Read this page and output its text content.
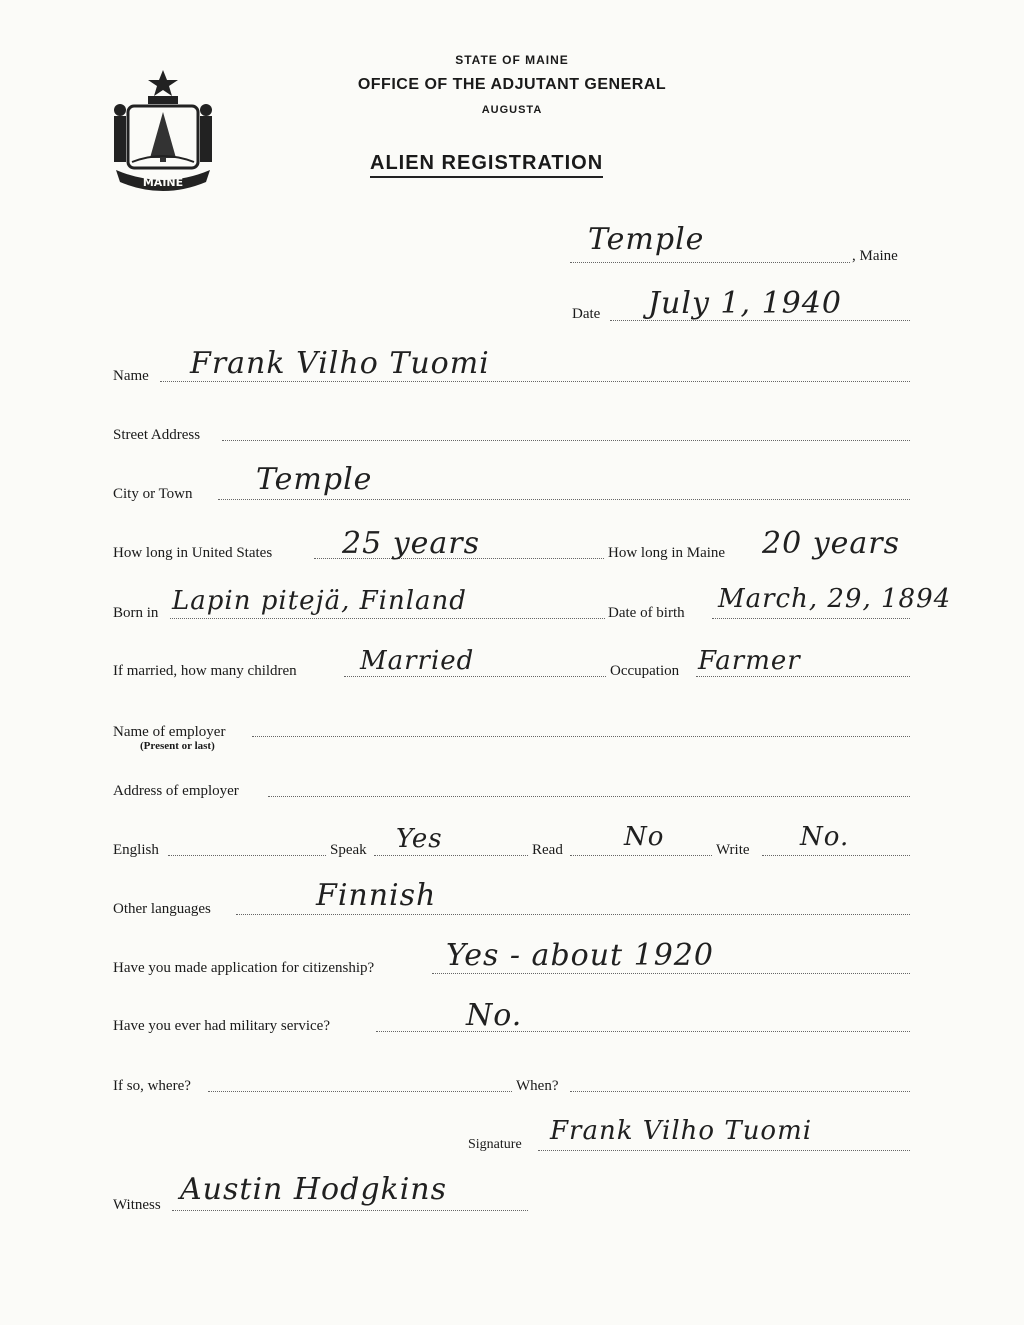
MAINE
STATE OF MAINE
OFFICE OF THE ADJUTANT GENERAL
AUGUSTA
ALIEN REGISTRATION
Temple	, Maine
Date July 1, 1940
Name Frank Vilho Tuomi
Street Address
City or Town Temple
How long in United States 25 years	How long in Maine 20 years
Born in Lapin pitejä, Finland	Date of birth March, 29, 1894
If married, how many children Married	Occupation Farmer
Name of employer
(Present or last)
Address of employer
English	Speak Yes	Read No	Write No.
Other languages	Finnish
Have you made application for citizenship? Yes - about 1920
Have you ever had military service?	No.
If so, where?	When?
Signature Frank Vilho Tuomi
Witness Austin Hodgkins
